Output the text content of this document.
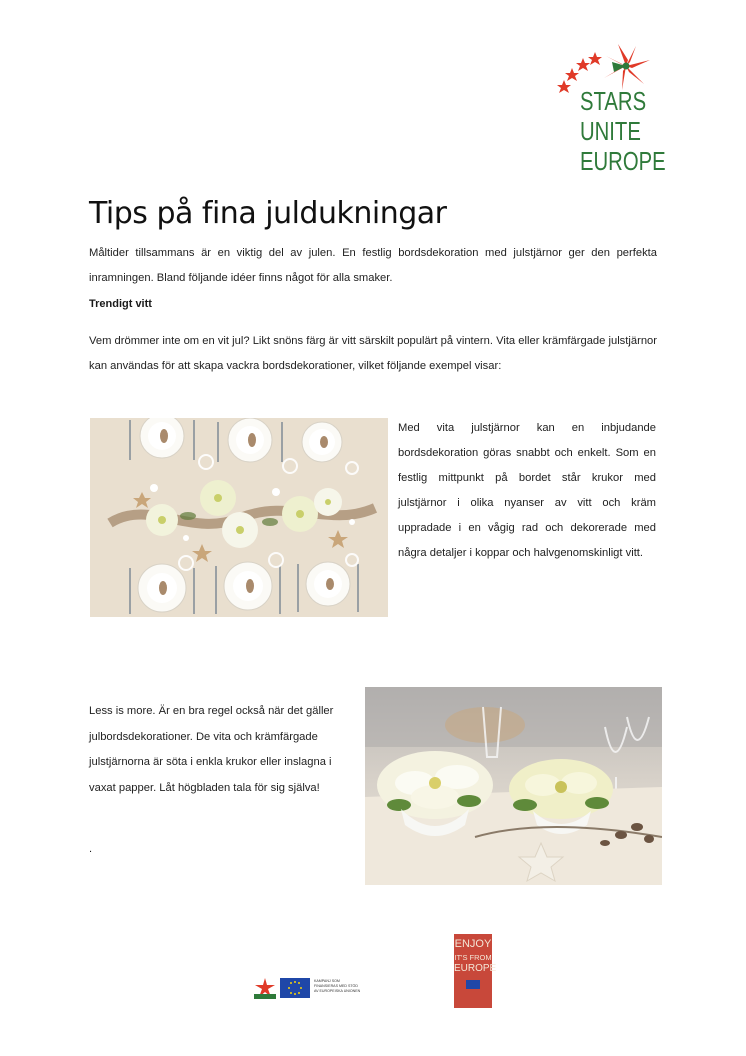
STARS
UNITE
EUROPE
Tips på fina juldukningar
Måltider tillsammans är en viktig del av julen. En festlig bordsdekoration med julstjärnor ger den perfekta inramningen. Bland följande idéer finns något för alla smaker.
Trendigt vitt
Vem drömmer inte om en vit jul? Likt snöns färg är vitt särskilt populärt på vintern. Vita eller krämfärgade julstjärnor kan användas för att skapa vackra bordsdekorationer, vilket följande exempel visar:
Med vita julstjärnor kan en inbjudande bordsdekoration göras snabbt och enkelt. Som en festlig mittpunkt på bordet står krukor med julstjärnor i olika nyanser av vitt och kräm uppradade i en vågig rad och dekorerade med några detaljer i koppar och halvgenomskinligt vitt.
Less is more. Är en bra regel också när det gäller julbordsdekorationer. De vita och krämfärgade julstjärnorna är söta i enkla krukor eller inslagna i vaxat papper. Låt högbladen tala för sig själva!
.
KAMPANJ SOM
FINANSIERAS MED STÖD
AV EUROPEISKA UNIONEN
ENJOY
IT'S FROM
EUROPE
